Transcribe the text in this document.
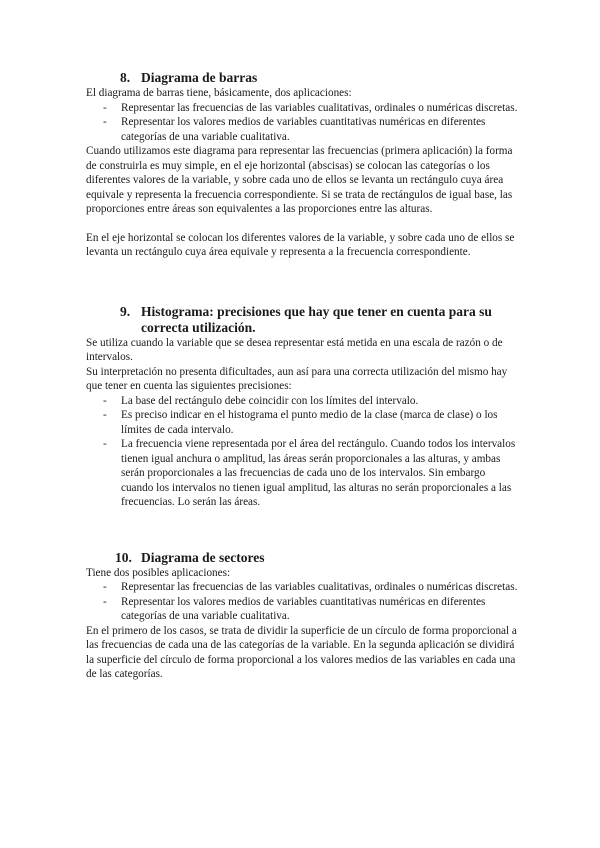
8. Diagrama de barras

El diagrama de barras tiene, básicamente, dos aplicaciones:

- Representar las frecuencias de las variables cualitativas, ordinales o numéricas discretas.
- Representar los valores medios de variables cuantitativas numéricas en diferentes categorías de una variable cualitativa.

Cuando utilizamos este diagrama para representar las frecuencias (primera aplicación) la forma de construirla es muy simple, en el eje horizontal (abscisas) se colocan las categorías o los diferentes valores de la variable, y sobre cada uno de ellos se levanta un rectángulo cuya área equivale y representa la frecuencia correspondiente. Si se trata de rectángulos de igual base, las proporciones entre áreas son equivalentes a las proporciones entre las alturas.

En el eje horizontal se colocan los diferentes valores de la variable, y sobre cada uno de ellos se levanta un rectángulo cuya área equivale y representa a la frecuencia correspondiente.

9. Histograma: precisiones que hay que tener en cuenta para su correcta utilización.

Se utiliza cuando la variable que se desea representar está metida en una escala de razón o de intervalos.

Su interpretación no presenta dificultades, aun así para una correcta utilización del mismo hay que tener en cuenta las siguientes precisiones:

- La base del rectángulo debe coincidir con los límites del intervalo.
- Es preciso indicar en el histograma el punto medio de la clase (marca de clase) o los límites de cada intervalo.
- La frecuencia viene representada por el área del rectángulo. Cuando todos los intervalos tienen igual anchura o amplitud, las áreas serán proporcionales a las alturas, y ambas serán proporcionales a las frecuencias de cada uno de los intervalos. Sin embargo cuando los intervalos no tienen igual amplitud, las alturas no serán proporcionales a las frecuencias. Lo serán las áreas.
10. Diagrama de sectores

Tiene dos posibles aplicaciones:

- Representar las frecuencias de las variables cualitativas, ordinales o numéricas discretas.
- Representar los valores medios de variables cuantitativas numéricas en diferentes categorías de una variable cualitativa.

En el primero de los casos, se trata de dividir la superficie de un círculo de forma proporcional a las frecuencias de cada una de las categorías de la variable. En la segunda aplicación se dividirá la superficie del círculo de forma proporcional a los valores medios de las variables en cada una de las categorías.
